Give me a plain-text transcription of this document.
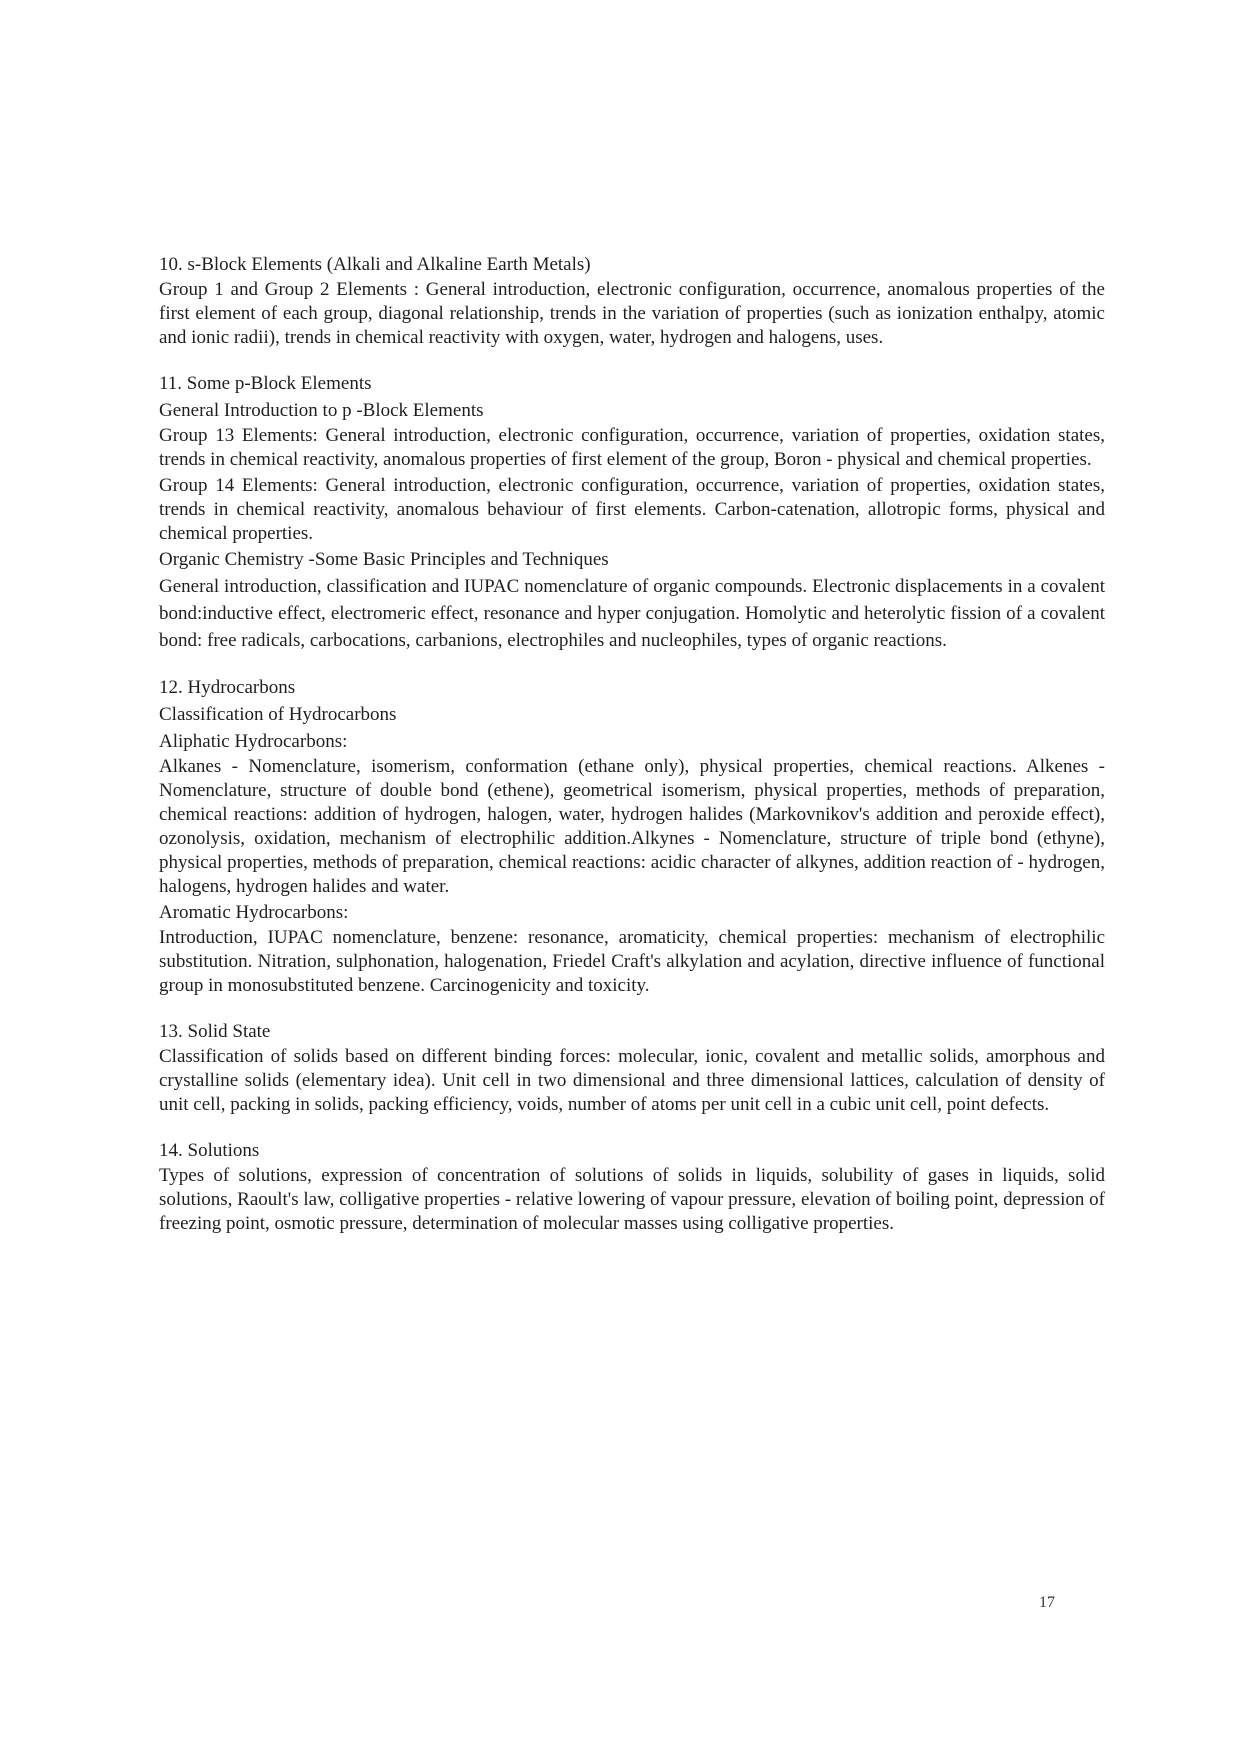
10. s-Block Elements (Alkali and Alkaline Earth Metals)

Group 1 and Group 2 Elements : General introduction, electronic configuration, occurrence, anomalous properties of the first element of each group, diagonal relationship, trends in the variation of properties (such as ionization enthalpy, atomic and ionic radii), trends in chemical reactivity with oxygen, water, hydrogen and halogens, uses.

11. Some p-Block Elements

General Introduction to p -Block Elements

Group 13 Elements: General introduction, electronic configuration, occurrence, variation of properties, oxidation states, trends in chemical reactivity, anomalous properties of first element of the group, Boron - physical and chemical properties.

Group 14 Elements: General introduction, electronic configuration, occurrence, variation of properties, oxidation states, trends in chemical reactivity, anomalous behaviour of first elements. Carbon-catenation, allotropic forms, physical and chemical properties.

Organic Chemistry -Some Basic Principles and Techniques

General introduction, classification and IUPAC nomenclature of organic compounds. Electronic displacements in a covalent bond:inductive effect, electromeric effect, resonance and hyper conjugation. Homolytic and heterolytic fission of a covalent bond: free radicals, carbocations, carbanions, electrophiles and nucleophiles, types of organic reactions.

12. Hydrocarbons

Classification of Hydrocarbons

Aliphatic Hydrocarbons:

Alkanes - Nomenclature, isomerism, conformation (ethane only), physical properties, chemical reactions. Alkenes - Nomenclature, structure of double bond (ethene), geometrical isomerism, physical properties, methods of preparation, chemical reactions: addition of hydrogen, halogen, water, hydrogen halides (Markovnikov's addition and peroxide effect), ozonolysis, oxidation, mechanism of electrophilic addition.Alkynes - Nomenclature, structure of triple bond (ethyne), physical properties, methods of preparation, chemical reactions: acidic character of alkynes, addition reaction of - hydrogen, halogens, hydrogen halides and water.

Aromatic Hydrocarbons:

Introduction, IUPAC nomenclature, benzene: resonance, aromaticity, chemical properties: mechanism of electrophilic substitution. Nitration, sulphonation, halogenation, Friedel Craft's alkylation and acylation, directive influence of functional group in monosubstituted benzene. Carcinogenicity and toxicity.

13. Solid State

Classification of solids based on different binding forces: molecular, ionic, covalent and metallic solids, amorphous and crystalline solids (elementary idea). Unit cell in two dimensional and three dimensional lattices, calculation of density of unit cell, packing in solids, packing efficiency, voids, number of atoms per unit cell in a cubic unit cell, point defects.

14. Solutions

Types of solutions, expression of concentration of solutions of solids in liquids, solubility of gases in liquids, solid solutions, Raoult's law, colligative properties - relative lowering of vapour pressure, elevation of boiling point, depression of freezing point, osmotic pressure, determination of molecular masses using colligative properties.

17
